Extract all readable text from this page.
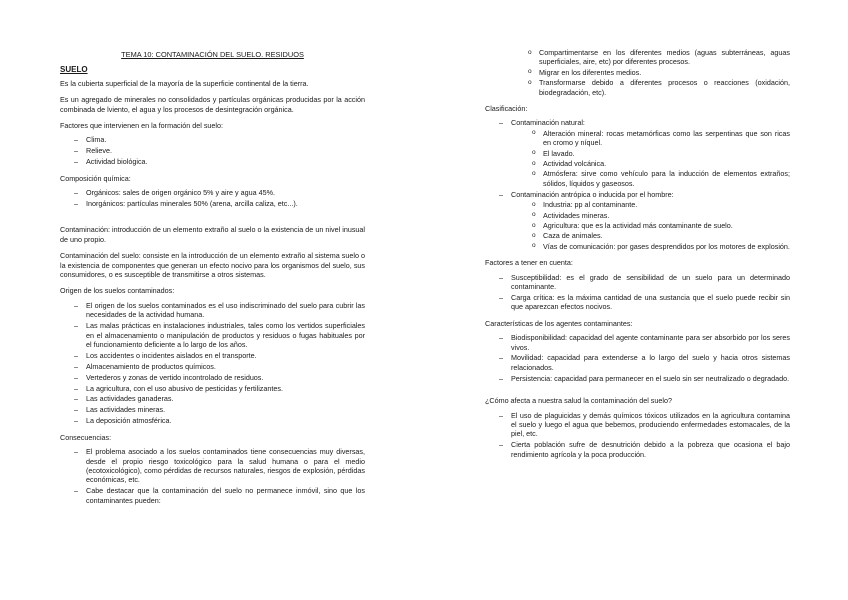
TEMA 10: CONTAMINACIÓN DEL SUELO. RESIDUOS
SUELO

Es la cubierta superficial de la mayoría de la superficie continental de la tierra.

Es un agregado de minerales no consolidados y partículas orgánicas producidas por la acción combinada de lviento, el agua y los procesos de desintegración orgánica.

Factores que intervienen en la formación del suelo:
– Clima.
– Relieve.
– Actividad biológica.
Composición química:
– Orgánicos: sales de origen orgánico 5% y aire y agua 45%.
– Inorgánicos: partículas minerales 50% (arena, arcilla caliza, etc...).

Contaminación: introducción de un elemento extraño al suelo o la existencia de un nivel inusual de uno propio.

Contaminación del suelo: consiste en la introducción de un elemento extraño al sistema suelo o la existencia de componentes que generan un efecto nocivo para los organismos del suelo, sus consumidores, o es susceptible de transmitirse a otros sistemas.

Origen de los suelos contaminados:
– El origen de los suelos contaminados es el uso indiscriminado del suelo para cubrir las necesidades de la actividad humana.
– Las malas prácticas en instalaciones industriales, tales como los vertidos superficiales en el almacenamiento o manipulación de productos y residuos o fugas habituales por el funcionamiento deficiente a lo largo de los años.
– Los accidentes o incidentes aislados en el transporte.
– Almacenamiento de productos químicos.
– Vertederos y zonas de vertido incontrolado de residuos.
– La agricultura, con el uso abusivo de pesticidas y fertilizantes.
– Las actividades ganaderas.
– Las actividades mineras.
– La deposición atmosférica.
Consecuencias:
– El problema asociado a los suelos contaminados tiene consecuencias muy diversas, desde el propio riesgo toxicológico para la salud humana o para el medio (ecotoxicológico), como pérdidas de recursos naturales, riesgos de explosión, pérdidas económicas, etc.
– Cabe destacar que la contaminación del suelo no permanece inmóvil, sino que los contaminantes pueden:
o Compartimentarse en los diferentes medios (aguas subterráneas, aguas superficiales, aire, etc) por diferentes procesos.
o Migrar en los diferentes medios.
o Transformarse debido a diferentes procesos o reacciones (oxidación, biodegradación, etc).
Clasificación:
– Contaminación natural:
o Alteración mineral: rocas metamórficas como las serpentinas que son ricas en cromo y níquel.
o El lavado.
o Actividad volcánica.
o Atmósfera: sirve como vehículo para la inducción de elementos extraños; sólidos, líquidos y gaseosos.
– Contaminación antrópica o inducida por el hombre:
o Industria: pp al contaminante.
o Actividades mineras.
o Agricultura: que es la actividad más contaminante de suelo.
o Caza de animales.
o Vías de comunicación: por gases desprendidos por los motores de explosión.
Factores a tener en cuenta:
– Susceptibilidad: es el grado de sensibilidad de un suelo para un determinado contaminante.
– Carga crítica: es la máxima cantidad de una sustancia que el suelo puede recibir sin que aparezcan efectos nocivos.
Características de los agentes contaminantes:
– Biodisponibilidad: capacidad del agente contaminante para ser absorbido por los seres vivos.
– Movilidad: capacidad para extenderse a lo largo del suelo y hacia otros sistemas relacionados.
– Persistencia: capacidad para permanecer en el suelo sin ser neutralizado o degradado.
¿Cómo afecta a nuestra salud la contaminación del suelo?
– El uso de plaguicidas y demás químicos tóxicos utilizados en la agricultura contamina el suelo y luego el agua que bebemos, produciendo enfermedades estomacales, de la piel, etc.
– Cierta población sufre de desnutrición debido a la pobreza que ocasiona el bajo rendimiento agrícola y la poca producción.
